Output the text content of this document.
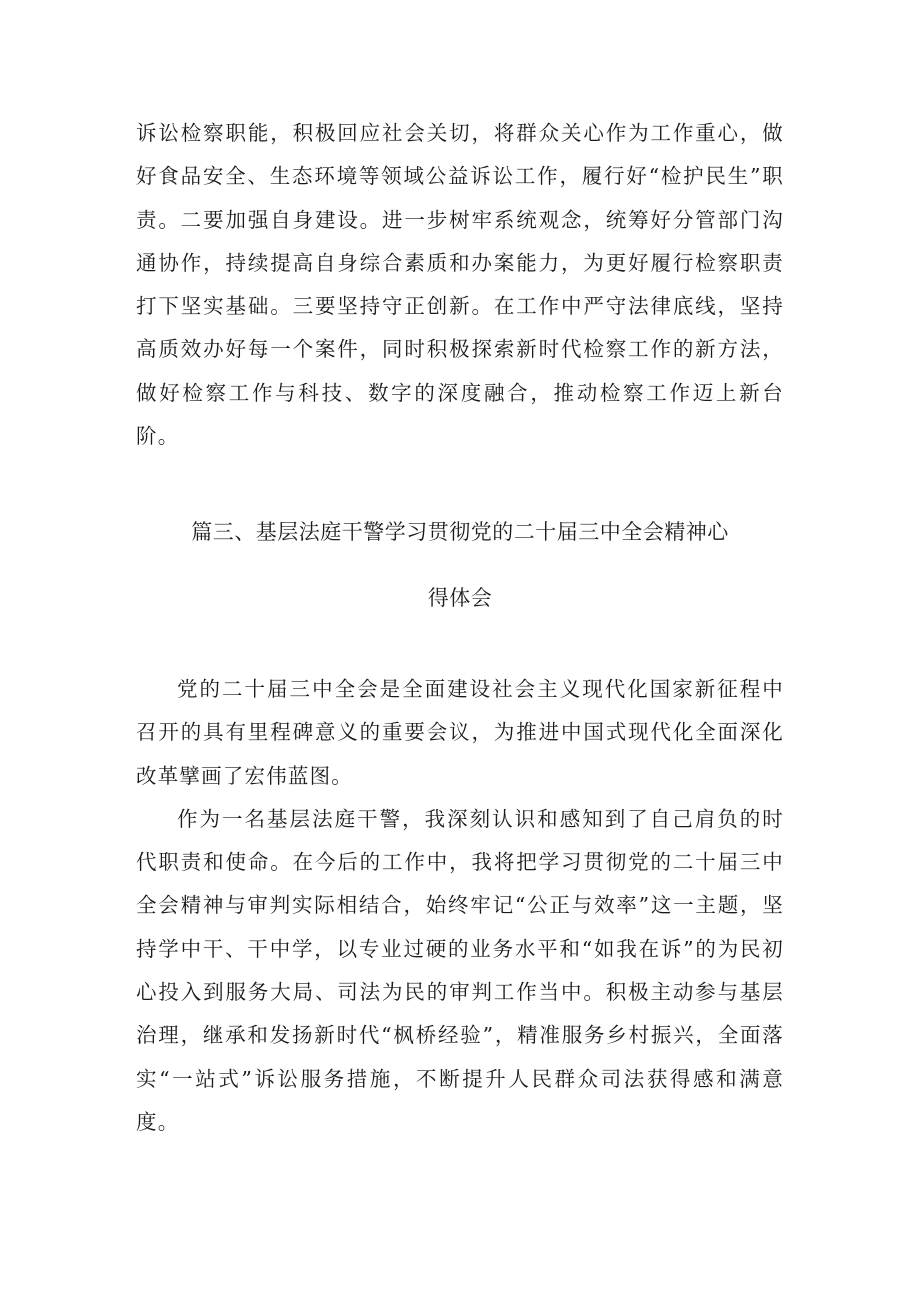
诉讼检察职能，积极回应社会关切，将群众关心作为工作重心，做好食品安全、生态环境等领域公益诉讼工作，履行好“检护民生”职责。二要加强自身建设。进一步树牢系统观念，统筹好分管部门沟通协作，持续提高自身综合素质和办案能力，为更好履行检察职责打下坚实基础。三要坚持守正创新。在工作中严守法律底线，坚持高质效办好每一个案件，同时积极探索新时代检察工作的新方法，做好检察工作与科技、数字的深度融合，推动检察工作迈上新台阶。

篇三、基层法庭干警学习贯彻党的二十届三中全会精神心
得体会

党的二十届三中全会是全面建设社会主义现代化国家新征程中召开的具有里程碑意义的重要会议，为推进中国式现代化全面深化改革擘画了宏伟蓝图。

作为一名基层法庭干警，我深刻认识和感知到了自己肩负的时代职责和使命。在今后的工作中，我将把学习贯彻党的二十届三中全会精神与审判实际相结合，始终牢记“公正与效率”这一主题，坚持学中干、干中学，以专业过硬的业务水平和“如我在诉”的为民初心投入到服务大局、司法为民的审判工作当中。积极主动参与基层治理，继承和发扬新时代“枫桥经验”，精准服务乡村振兴，全面落实“一站式”诉讼服务措施，不断提升人民群众司法获得感和满意度。
